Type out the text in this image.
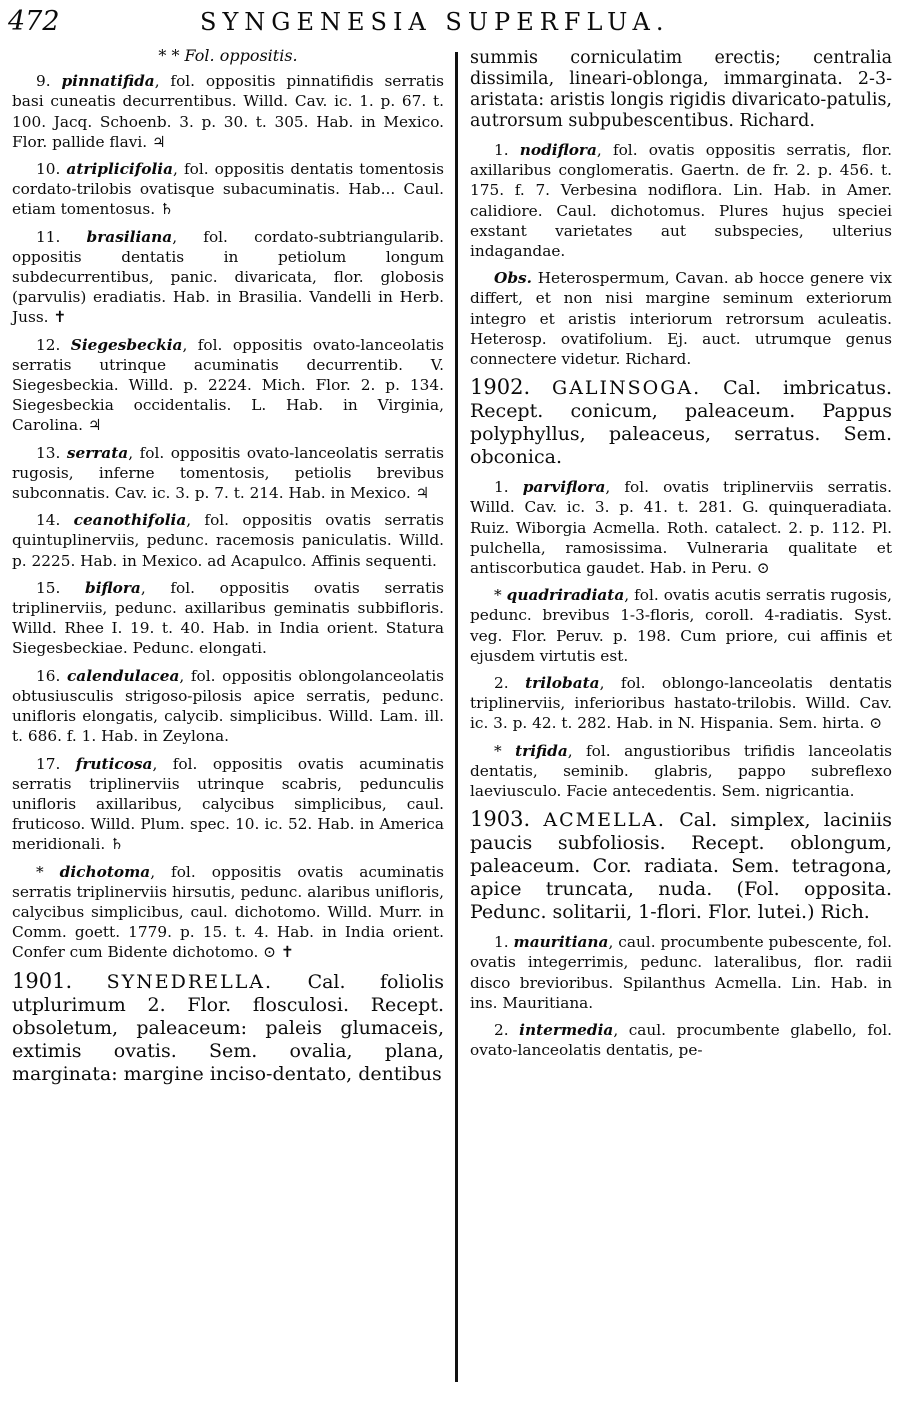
472	SYNGENESIA SUPERFLUA.
* * Fol. oppositis.

9. pinnatifida, fol. oppositis pinnatifidis serratis basi cuneatis decurrentibus. Willd. Cav. ic. 1. p. 67. t. 100. Jacq. Schoenb. 3. p. 30. t. 305. Hab. in Mexico. Flor. pallide flavi. ♃

10. atriplicifolia, fol. oppositis dentatis tomentosis cordato-trilobis ovatisque subacuminatis. Hab... Caul. etiam tomentosus. ♄

11. brasiliana, fol. cordato-subtriangularib. oppositis dentatis in petiolum longum subdecurrentibus, panic. divaricata, flor. globosis (parvulis) eradiatis. Hab. in Brasilia. Vandelli in Herb. Juss. ✝

12. Siegesbeckia, fol. oppositis ovato-lanceolatis serratis utrinque acuminatis decurrentib. V. Siegesbeckia. Willd. p. 2224. Mich. Flor. 2. p. 134. Siegesbeckia occidentalis. L. Hab. in Virginia, Carolina. ♃

13. serrata, fol. oppositis ovato-lanceolatis serratis rugosis, inferne tomentosis, petiolis brevibus subconnatis. Cav. ic. 3. p. 7. t. 214. Hab. in Mexico. ♃

14. ceanothifolia, fol. oppositis ovatis serratis quintuplinerviis, pedunc. racemosis paniculatis. Willd. p. 2225. Hab. in Mexico. ad Acapulco. Affinis sequenti.

15. biflora, fol. oppositis ovatis serratis triplinerviis, pedunc. axillaribus geminatis subbifloris. Willd. Rhee I. 19. t. 40. Hab. in India orient. Statura Siegesbeckiae. Pedunc. elongati.

16. calendulacea, fol. oppositis oblongolanceolatis obtusiusculis strigoso-pilosis apice serratis, pedunc. unifloris elongatis, calycib. simplicibus. Willd. Lam. ill. t. 686. f. 1. Hab. in Zeylona.

17. fruticosa, fol. oppositis ovatis acuminatis serratis triplinerviis utrinque scabris, pedunculis unifloris axillaribus, calycibus simplicibus, caul. fruticoso. Willd. Plum. spec. 10. ic. 52. Hab. in America meridionali. ♄

* dichotoma, fol. oppositis ovatis acuminatis serratis triplinerviis hirsutis, pedunc. alaribus unifloris, calycibus simplicibus, caul. dichotomo. Willd. Murr. in Comm. goett. 1779. p. 15. t. 4. Hab. in India orient. Confer cum Bidente dichotomo. ⊙ ✝

1901. SYNEDRELLA. Cal. foliolis utplurimum 2. Flor. flosculosi. Recept. obsoletum, paleaceum: paleis glumaceis, extimis ovatis. Sem. ovalia, plana, marginata: margine inciso-dentato, dentibus

summis corniculatim erectis; centralia dissimila, lineari-oblonga, immarginata. 2-3-aristata: aristis longis rigidis divaricato-patulis, autrorsum subpubescentibus. Richard.

1. nodiflora, fol. ovatis oppositis serratis, flor. axillaribus conglomeratis. Gaertn. de fr. 2. p. 456. t. 175. f. 7. Verbesina nodiflora. Lin. Hab. in Amer. calidiore. Caul. dichotomus. Plures hujus speciei exstant varietates aut subspecies, ulterius indagandae.

Obs. Heterospermum, Cavan. ab hocce genere vix differt, et non nisi margine seminum exteriorum integro et aristis interiorum retrorsum aculeatis. Heterosp. ovatifolium. Ej. auct. utrumque genus connectere videtur. Richard.

1902. GALINSOGA. Cal. imbricatus. Recept. conicum, paleaceum. Pappus polyphyllus, paleaceus, serratus. Sem. obconica.

1. parviflora, fol. ovatis triplinerviis serratis. Willd. Cav. ic. 3. p. 41. t. 281. G. quinqueradiata. Ruiz. Wiborgia Acmella. Roth. catalect. 2. p. 112. Pl. pulchella, ramosissima. Vulneraria qualitate et antiscorbutica gaudet. Hab. in Peru. ⊙

* quadriradiata, fol. ovatis acutis serratis rugosis, pedunc. brevibus 1-3-floris, coroll. 4-radiatis. Syst. veg. Flor. Peruv. p. 198. Cum priore, cui affinis et ejusdem virtutis est.

2. trilobata, fol. oblongo-lanceolatis dentatis triplinerviis, inferioribus hastato-trilobis. Willd. Cav. ic. 3. p. 42. t. 282. Hab. in N. Hispania. Sem. hirta. ⊙

* trifida, fol. angustioribus trifidis lanceolatis dentatis, seminib. glabris, pappo subreflexo laeviusculo. Facie antecedentis. Sem. nigricantia.

1903. ACMELLA. Cal. simplex, laciniis paucis subfoliosis. Recept. oblongum, paleaceum. Cor. radiata. Sem. tetragona, apice truncata, nuda. (Fol. opposita. Pedunc. solitarii, 1-flori. Flor. lutei.) Rich.

1. mauritiana, caul. procumbente pubescente, fol. ovatis integerrimis, pedunc. lateralibus, flor. radii disco brevioribus. Spilanthus Acmella. Lin. Hab. in ins. Mauritiana.

2. intermedia, caul. procumbente glabello, fol. ovato-lanceolatis dentatis, pe-
